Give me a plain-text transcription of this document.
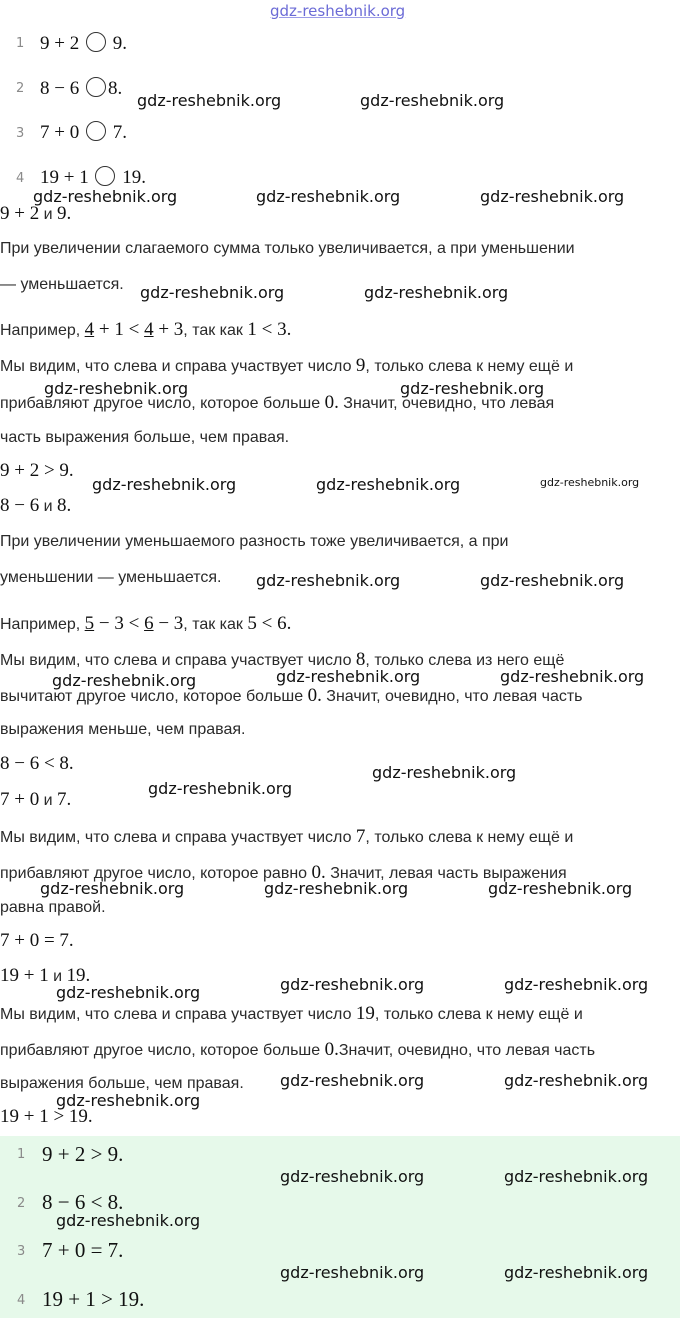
gdz-reshebnik.org
1 9 + 2 9.
2 8 − 6 8.
3 7 + 0 7.
4 19 + 1 19.
9 + 2 и 9.
При увеличении слагаемого сумма только увеличивается, а при уменьшении
— уменьшается.
Например, 4 + 1 < 4 + 3, так как 1 < 3.
Мы видим, что слева и справа участвует число 9, только слева к нему ещё и
прибавляют другое число, которое больше 0. Значит, очевидно, что левая
часть выражения больше, чем правая.
9 + 2 > 9.
8 − 6 и 8.
При увеличении уменьшаемого разность тоже увеличивается, а при
уменьшении — уменьшается.
Например, 5 − 3 < 6 − 3, так как 5 < 6.
Мы видим, что слева и справа участвует число 8, только слева из него ещё
вычитают другое число, которое больше 0. Значит, очевидно, что левая часть
выражения меньше, чем правая.
8 − 6 < 8.
7 + 0 и 7.
Мы видим, что слева и справа участвует число 7, только слева к нему ещё и
прибавляют другое число, которое равно 0. Значит, левая часть выражения
равна правой.
7 + 0 = 7.
19 + 1 и 19.
Мы видим, что слева и справа участвует число 19, только слева к нему ещё и
прибавляют другое число, которое больше 0.Значит, очевидно, что левая часть
выражения больше, чем правая.
19 + 1 > 19.
1 9 + 2 > 9.
2 8 − 6 < 8.
3 7 + 0 = 7.
4 19 + 1 > 19.
gdz-reshebnik.org	gdz-reshebnik.org
gdz-reshebnik.org	gdz-reshebnik.org	gdz-reshebnik.org
gdz-reshebnik.org	gdz-reshebnik.org
gdz-reshebnik.org	gdz-reshebnik.org
gdz-reshebnik.org	gdz-reshebnik.org	gdz-reshebnik.org
gdz-reshebnik.org	gdz-reshebnik.org
gdz-reshebnik.org	gdz-reshebnik.org	gdz-reshebnik.org
gdz-reshebnik.org
gdz-reshebnik.org
gdz-reshebnik.org	gdz-reshebnik.org	gdz-reshebnik.org
gdz-reshebnik.org	gdz-reshebnik.org
gdz-reshebnik.org
gdz-reshebnik.org	gdz-reshebnik.org
gdz-reshebnik.org
gdz-reshebnik.org	gdz-reshebnik.org
gdz-reshebnik.org
gdz-reshebnik.org	gdz-reshebnik.org
